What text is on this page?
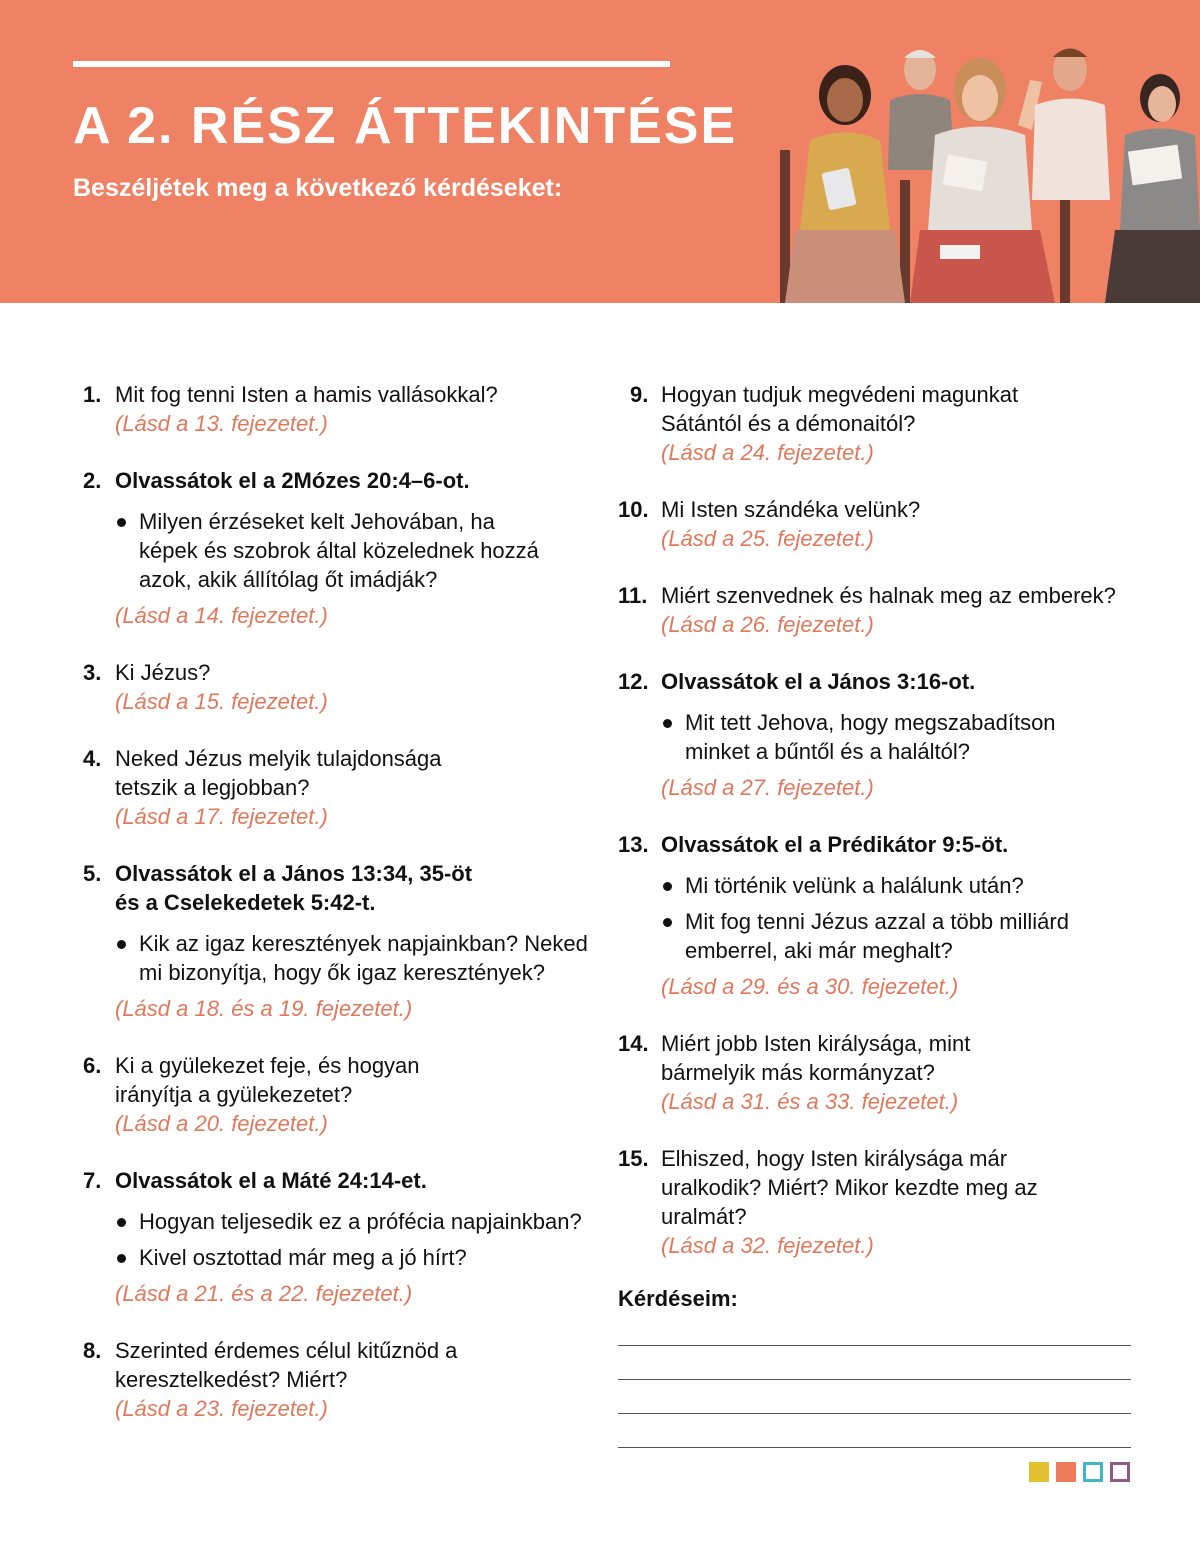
A 2. RÉSZ ÁTTEKINTÉSE

Beszéljétek meg a következő kérdéseket:

1. Mit fog tenni Isten a hamis vallásokkal?
(Lásd a 13. fejezetet.)
2. Olvassátok el a 2Mózes 20:4–6-ot.
Milyen érzéseket kelt Jehovában, ha képek és szobrok által közelednek hozzá azok, akik állítólag őt imádják?
(Lásd a 14. fejezetet.)
3. Ki Jézus?
(Lásd a 15. fejezetet.)
4. Neked Jézus melyik tulajdonsága tetszik a legjobban?
(Lásd a 17. fejezetet.)
5. Olvassátok el a János 13:34, 35-öt és a Cselekedetek 5:42-t.
Kik az igaz keresztények napjainkban? Neked mi bizonyítja, hogy ők igaz keresztények?
(Lásd a 18. és a 19. fejezetet.)
6. Ki a gyülekezet feje, és hogyan irányítja a gyülekezetet?
(Lásd a 20. fejezetet.)
7. Olvassátok el a Máté 24:14-et.
Hogyan teljesedik ez a prófécia napjainkban?
Kivel osztottad már meg a jó hírt?
(Lásd a 21. és a 22. fejezetet.)
8. Szerinted érdemes célul kitűznöd a keresztelkedést? Miért?
(Lásd a 23. fejezetet.)
9. Hogyan tudjuk megvédeni magunkat Sátántól és a démonaitól?
(Lásd a 24. fejezetet.)
10. Mi Isten szándéka velünk?
(Lásd a 25. fejezetet.)
11. Miért szenvednek és halnak meg az emberek?
(Lásd a 26. fejezetet.)
12. Olvassátok el a János 3:16-ot.
Mit tett Jehova, hogy megszabadítson minket a bűntől és a haláltól?
(Lásd a 27. fejezetet.)
13. Olvassátok el a Prédikátor 9:5-öt.
Mi történik velünk a halálunk után?
Mit fog tenni Jézus azzal a több milliárd emberrel, aki már meghalt?
(Lásd a 29. és a 30. fejezetet.)
14. Miért jobb Isten királysága, mint bármelyik más kormányzat?
(Lásd a 31. és a 33. fejezetet.)
15. Elhiszed, hogy Isten királysága már uralkodik? Miért? Mikor kezdte meg az uralmát?
(Lásd a 32. fejezetet.)
Kérdéseim:
